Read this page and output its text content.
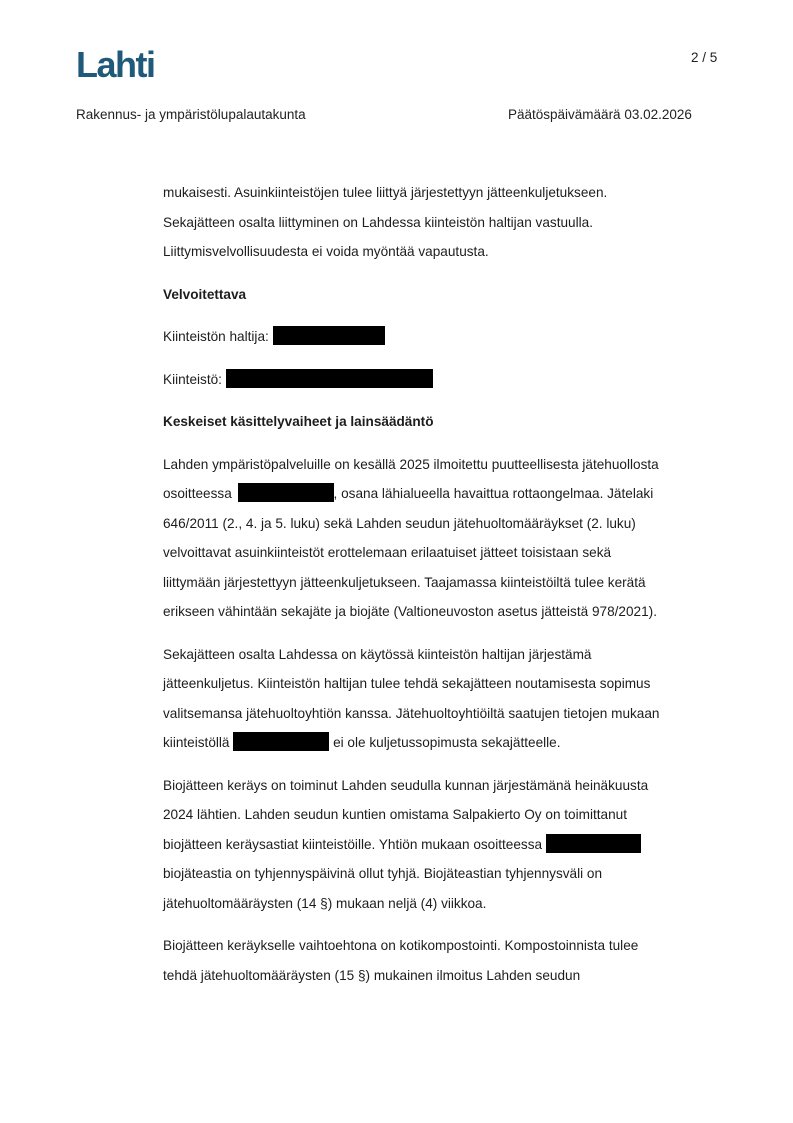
Lahti	2 / 5
Rakennus- ja ympäristölupalautakunta	Päätöspäivämäärä 03.02.2026
mukaisesti. Asuinkiinteistöjen tulee liittyä järjestettyyn jätteenkuljetukseen.
Sekajätteen osalta liittyminen on Lahdessa kiinteistön haltijan vastuulla.
Liittymisvelvollisuudesta ei voida myöntää vapautusta.
Velvoitettava
Kiinteistön haltija:
Kiinteistö:
Keskeiset käsittelyvaiheet ja lainsäädäntö
Lahden ympäristöpalveluille on kesällä 2025 ilmoitettu puutteellisesta jätehuollosta
osoitteessa	, osana lähialueella havaittua rottaongelmaa. Jätelaki
646/2011 (2., 4. ja 5. luku) sekä Lahden seudun jätehuoltomääräykset (2. luku)
velvoittavat asuinkiinteistöt erottelemaan erilaatuiset jätteet toisistaan sekä
liittymään järjestettyyn jätteenkuljetukseen. Taajamassa kiinteistöiltä tulee kerätä
erikseen vähintään sekajäte ja biojäte (Valtioneuvoston asetus jätteistä 978/2021).
Sekajätteen osalta Lahdessa on käytössä kiinteistön haltijan järjestämä
jätteenkuljetus. Kiinteistön haltijan tulee tehdä sekajätteen noutamisesta sopimus
valitsemansa jätehuoltoyhtiön kanssa. Jätehuoltoyhtiöiltä saatujen tietojen mukaan
kiinteistöllä	ei ole kuljetussopimusta sekajätteelle.
Biojätteen keräys on toiminut Lahden seudulla kunnan järjestämänä heinäkuusta
2024 lähtien. Lahden seudun kuntien omistama Salpakierto Oy on toimittanut
biojätteen keräysastiat kiinteistöille. Yhtiön mukaan osoitteessa
biojäteastia on tyhjennyspäivinä ollut tyhjä. Biojäteastian tyhjennysväli on
jätehuoltomääräysten (14 §) mukaan neljä (4) viikkoa.
Biojätteen keräykselle vaihtoehtona on kotikompostointi. Kompostoinnista tulee
tehdä jätehuoltomääräysten (15 §) mukainen ilmoitus Lahden seudun
